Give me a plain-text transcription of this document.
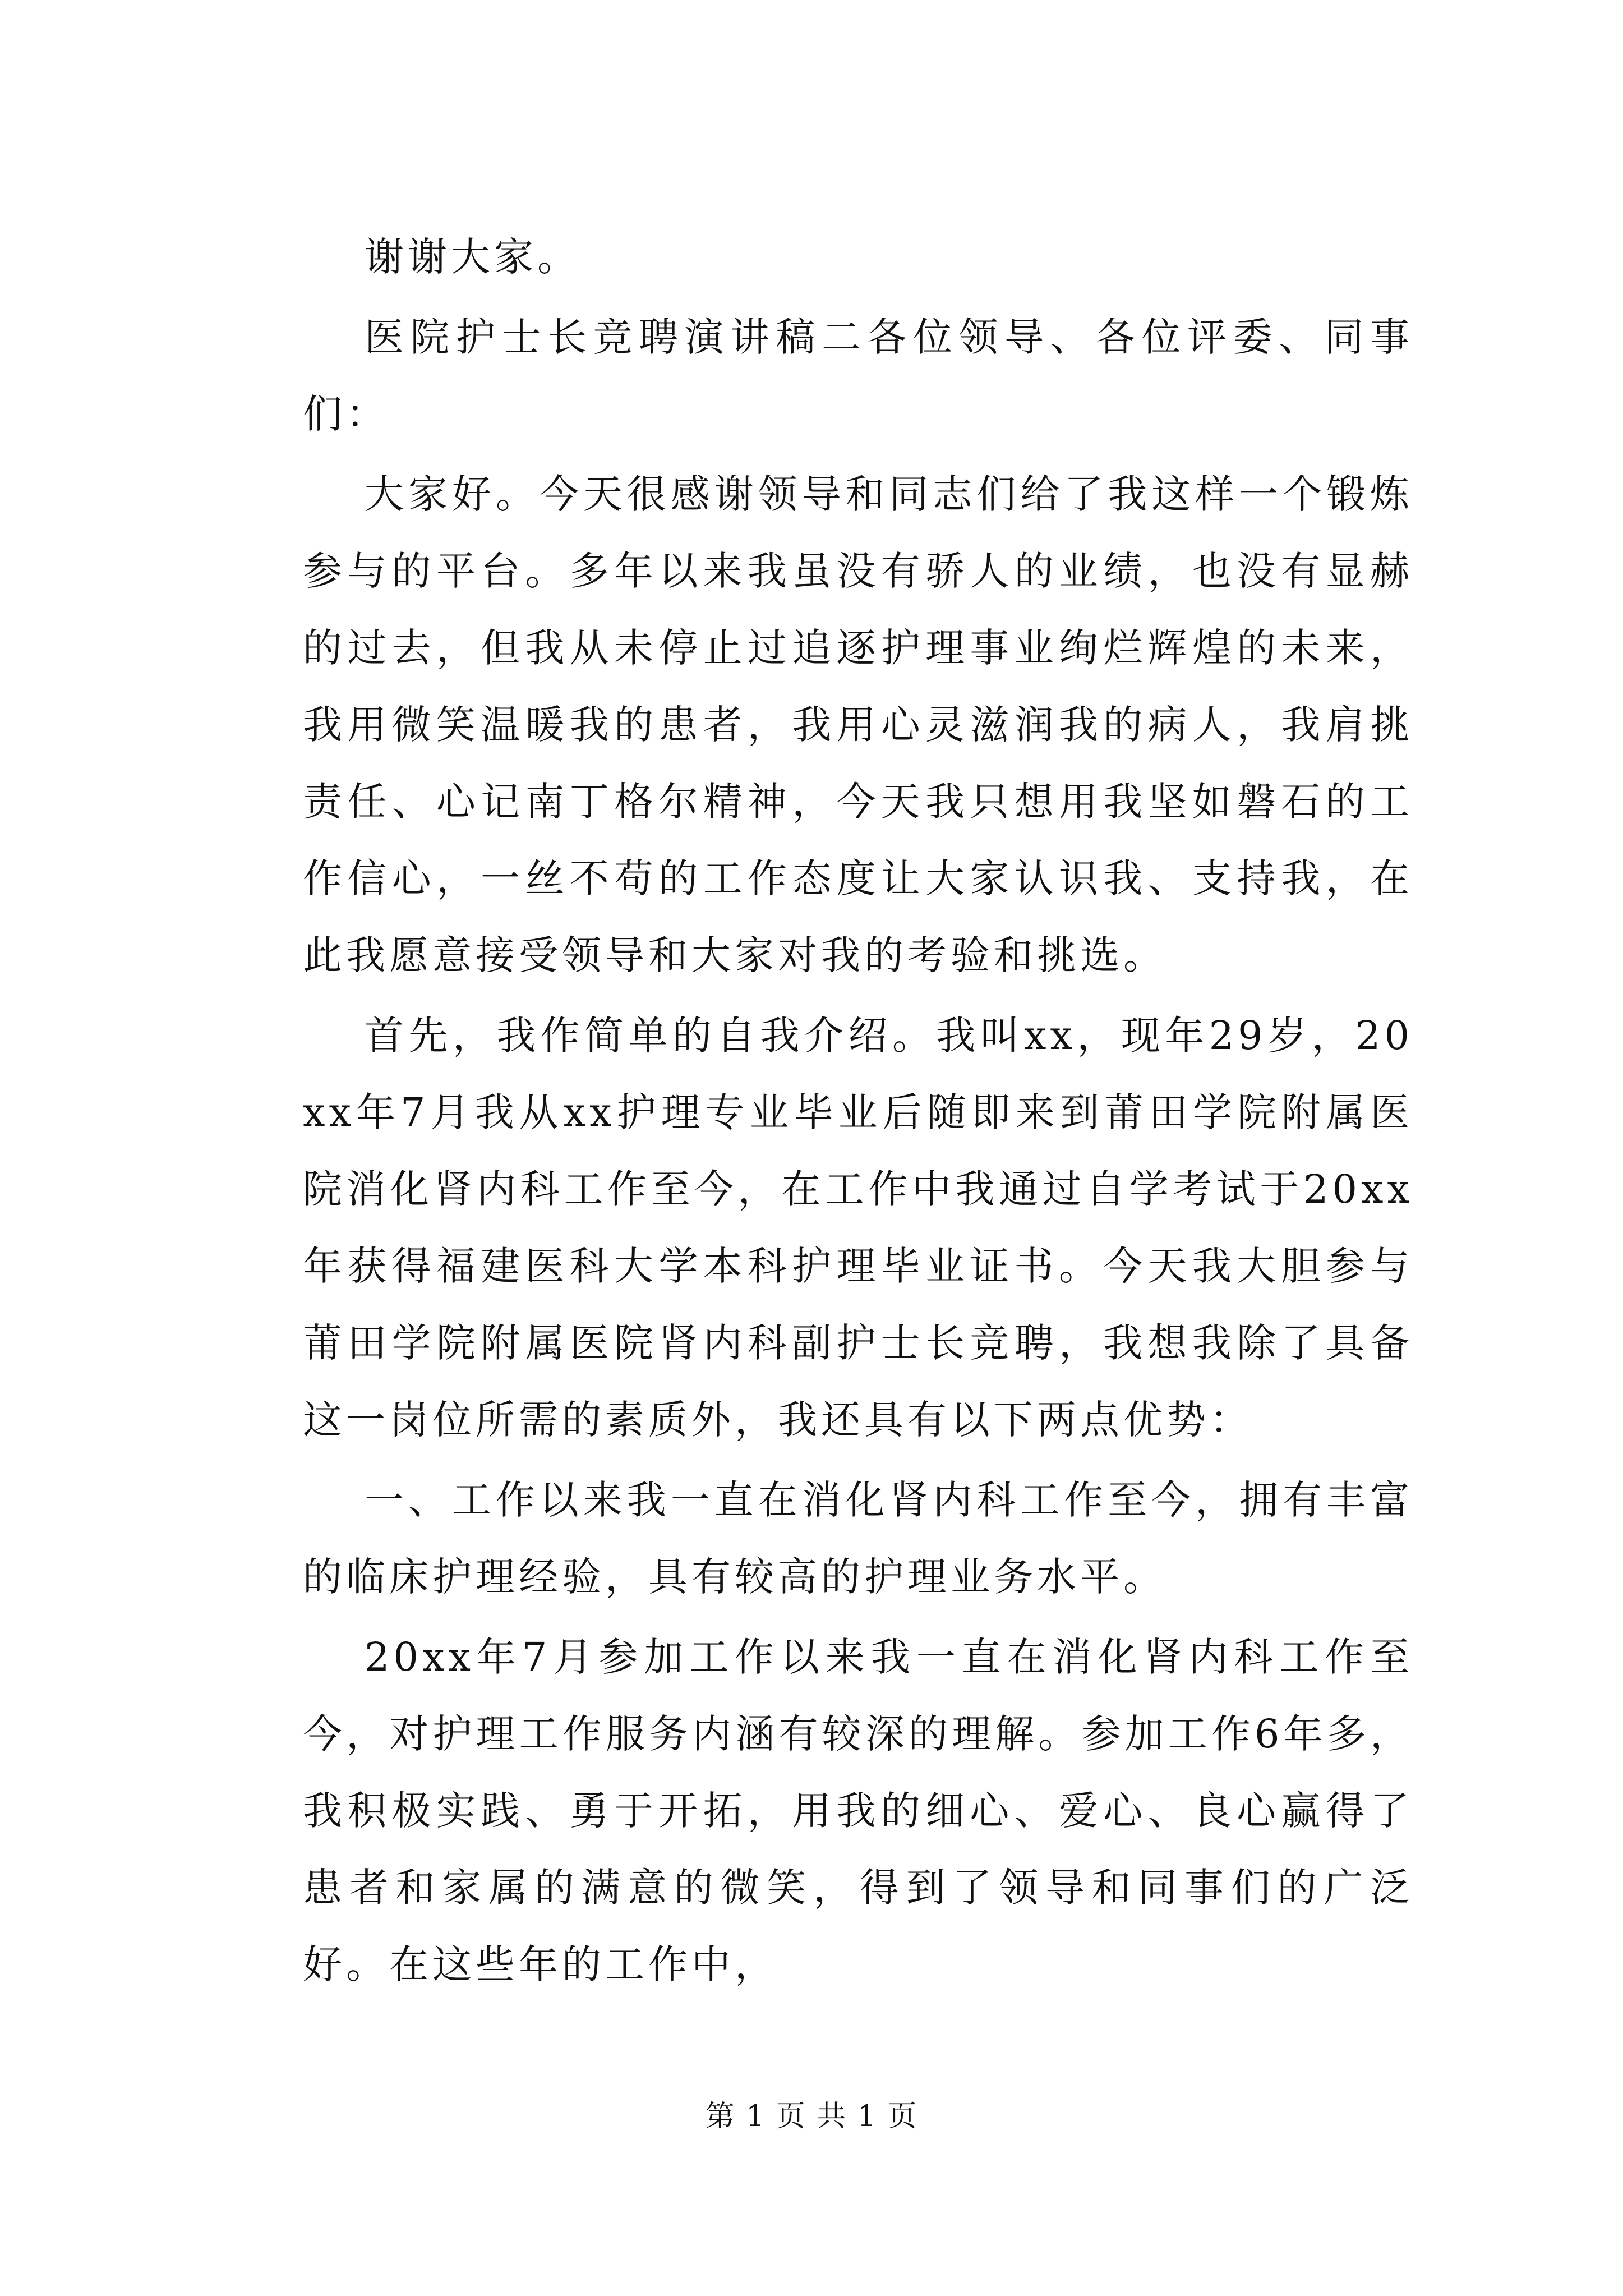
谢谢大家。

医院护士长竞聘演讲稿二各位领导、各位评委、同事们：

大家好。今天很感谢领导和同志们给了我这样一个锻炼参与的平台。多年以来我虽没有骄人的业绩，也没有显赫的过去，但我从未停止过追逐护理事业绚烂辉煌的未来，我用微笑温暖我的患者，我用心灵滋润我的病人，我肩挑责任、心记南丁格尔精神，今天我只想用我坚如磐石的工作信心，一丝不苟的工作态度让大家认识我、支持我，在此我愿意接受领导和大家对我的考验和挑选。

首先，我作简单的自我介绍。我叫xx，现年29岁，20xx年7月我从xx护理专业毕业后随即来到莆田学院附属医院消化肾内科工作至今，在工作中我通过自学考试于20xx年获得福建医科大学本科护理毕业证书。今天我大胆参与莆田学院附属医院肾内科副护士长竞聘，我想我除了具备这一岗位所需的素质外，我还具有以下两点优势：

一、工作以来我一直在消化肾内科工作至今，拥有丰富的临床护理经验，具有较高的护理业务水平。

20xx年7月参加工作以来我一直在消化肾内科工作至今，对护理工作服务内涵有较深的理解。参加工作6年多，我积极实践、勇于开拓，用我的细心、爱心、良心赢得了患者和家属的满意的微笑，得到了领导和同事们的广泛好。在这些年的工作中，

第 1 页 共 1 页
